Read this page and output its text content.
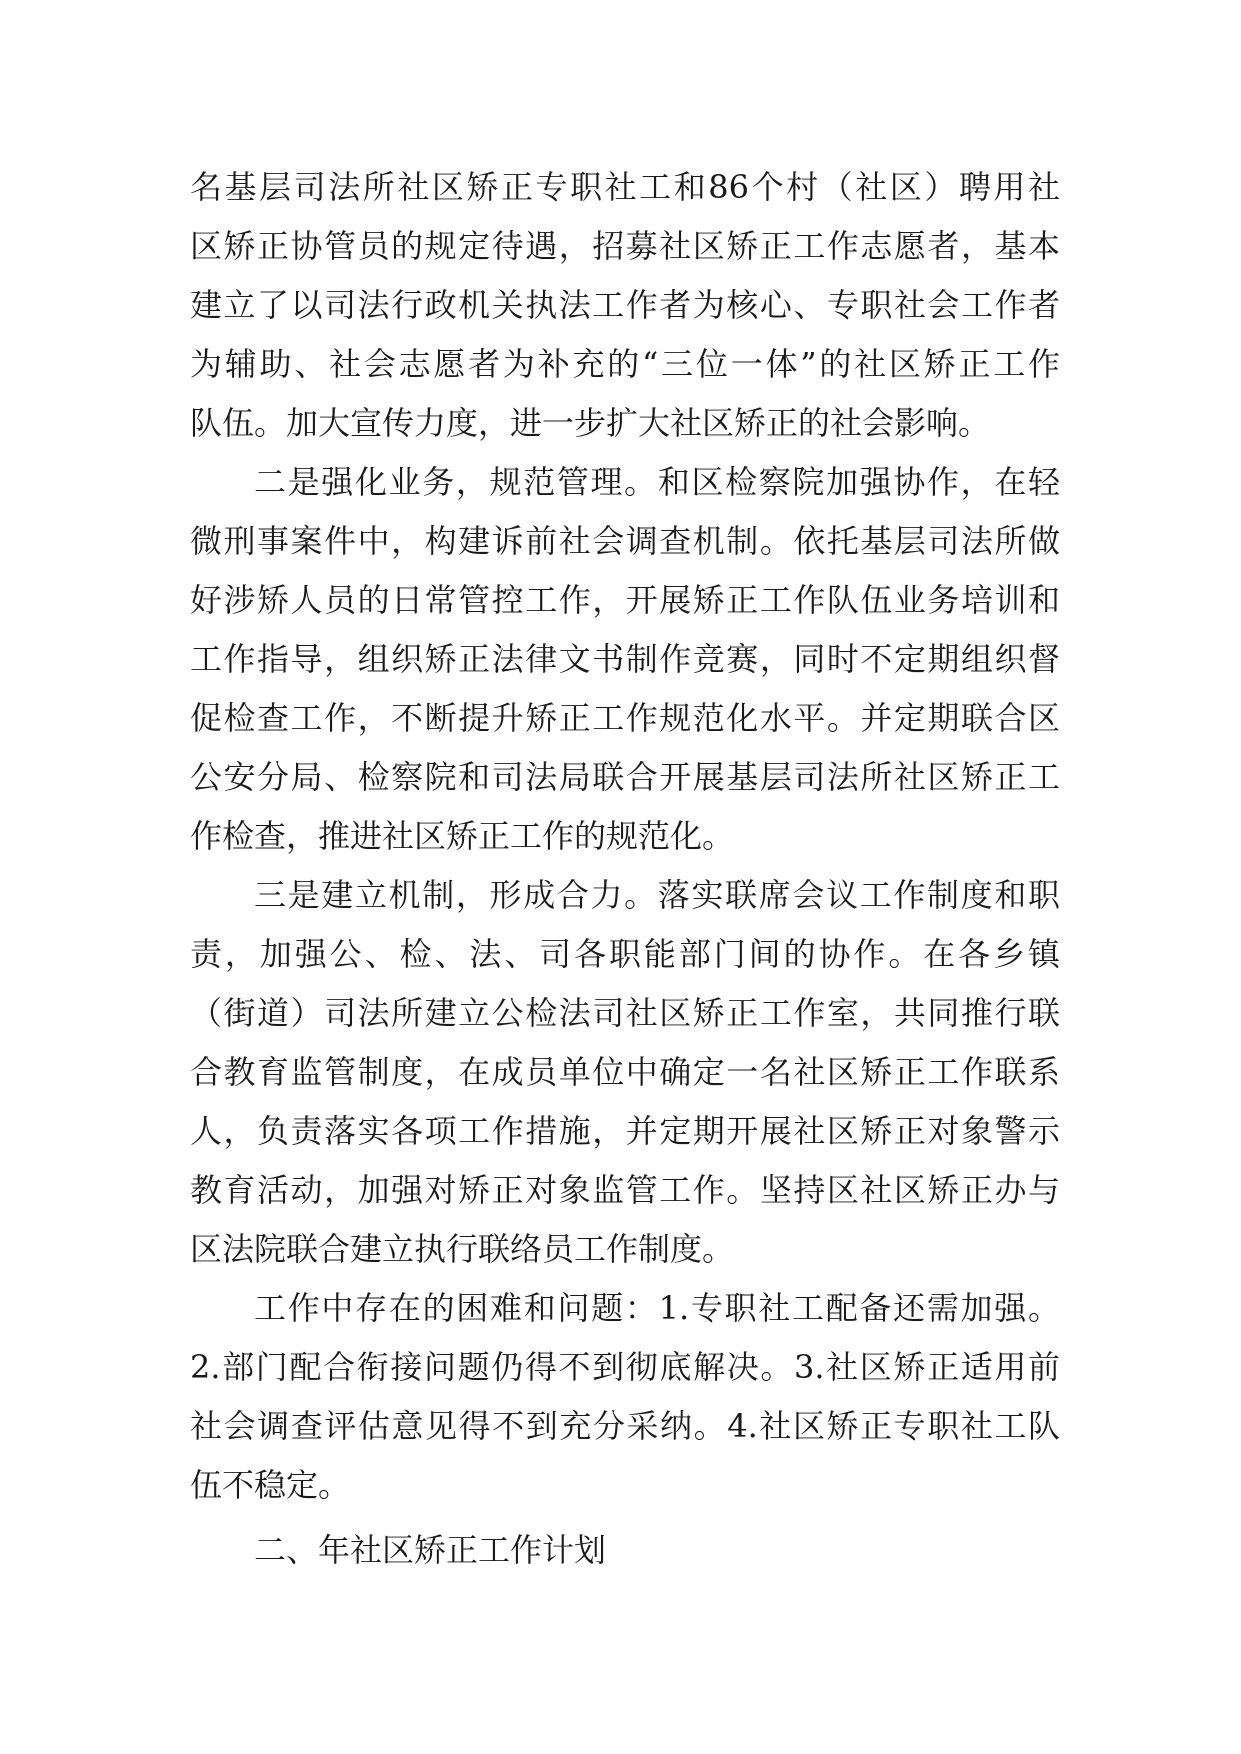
名基层司法所社区矫正专职社工和86个村（社区）聘用社
区矫正协管员的规定待遇，招募社区矫正工作志愿者，基本
建立了以司法行政机关执法工作者为核心、专职社会工作者
为辅助、社会志愿者为补充的“三位一体”的社区矫正工作
队伍。加大宣传力度，进一步扩大社区矫正的社会影响。
二是强化业务，规范管理。和区检察院加强协作，在轻
微刑事案件中，构建诉前社会调查机制。依托基层司法所做
好涉矫人员的日常管控工作，开展矫正工作队伍业务培训和
工作指导，组织矫正法律文书制作竞赛，同时不定期组织督
促检查工作，不断提升矫正工作规范化水平。并定期联合区
公安分局、检察院和司法局联合开展基层司法所社区矫正工
作检查，推进社区矫正工作的规范化。
三是建立机制，形成合力。落实联席会议工作制度和职
责，加强公、检、法、司各职能部门间的协作。在各乡镇
（街道）司法所建立公检法司社区矫正工作室，共同推行联
合教育监管制度，在成员单位中确定一名社区矫正工作联系
人，负责落实各项工作措施，并定期开展社区矫正对象警示
教育活动，加强对矫正对象监管工作。坚持区社区矫正办与
区法院联合建立执行联络员工作制度。
工作中存在的困难和问题：1.专职社工配备还需加强。
2.部门配合衔接问题仍得不到彻底解决。3.社区矫正适用前
社会调查评估意见得不到充分采纳。4.社区矫正专职社工队
伍不稳定。
二、年社区矫正工作计划
